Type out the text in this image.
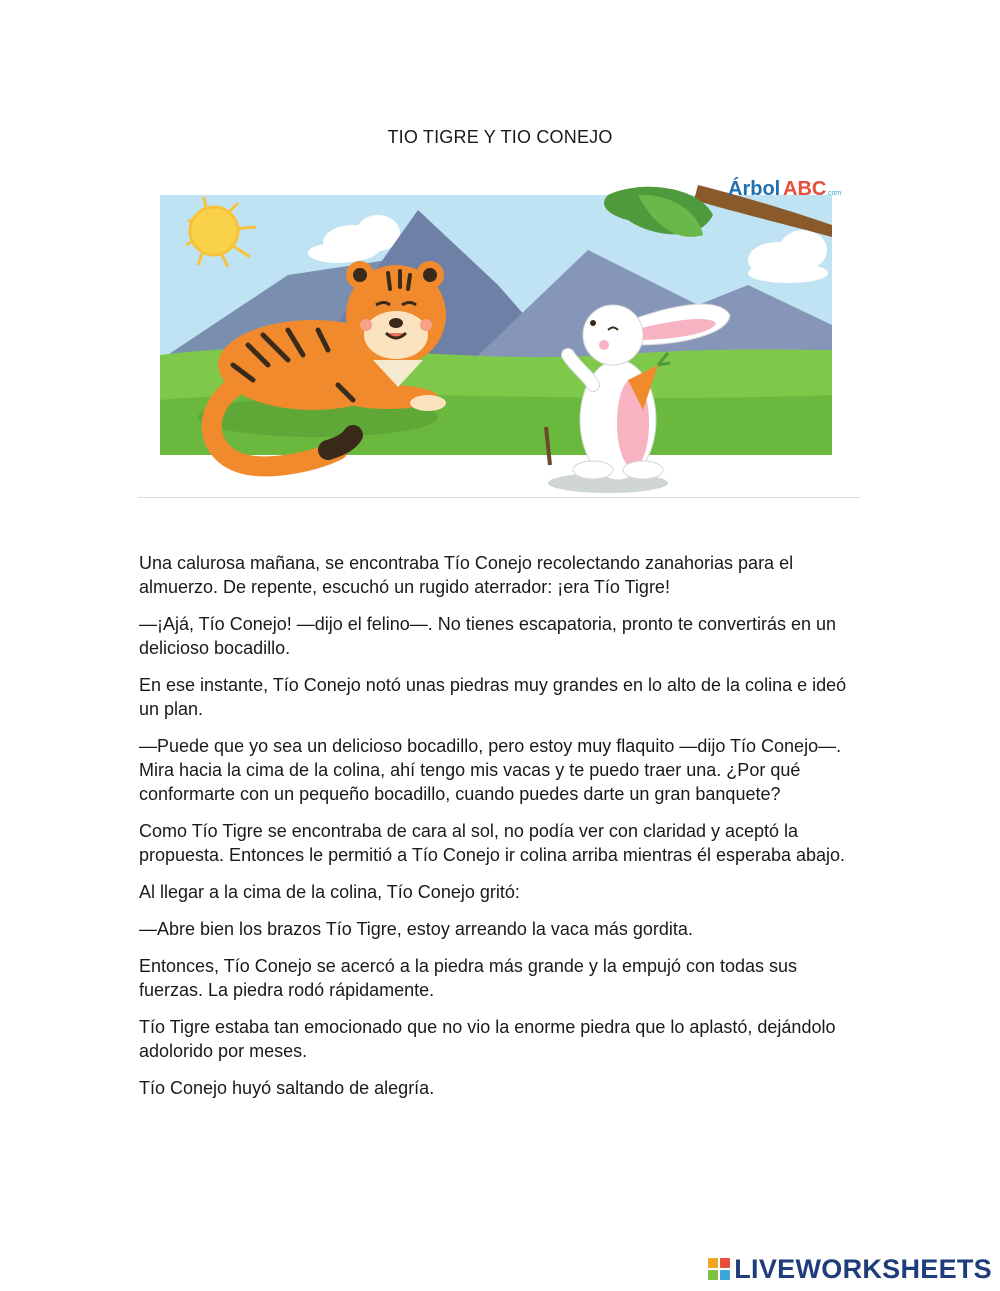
TIO TIGRE Y TIO CONEJO
Árbol ABC .com

Una calurosa mañana, se encontraba Tío Conejo recolectando zanahorias para el almuerzo. De repente, escuchó un rugido aterrador: ¡era Tío Tigre!

—¡Ajá, Tío Conejo! —dijo el felino—. No tienes escapatoria, pronto te convertirás en un delicioso bocadillo.

En ese instante, Tío Conejo notó unas piedras muy grandes en lo alto de la colina e ideó un plan.

—Puede que yo sea un delicioso bocadillo, pero estoy muy flaquito —dijo Tío Conejo—. Mira hacia la cima de la colina, ahí tengo mis vacas y te puedo traer una. ¿Por qué conformarte con un pequeño bocadillo, cuando puedes darte un gran banquete?

Como Tío Tigre se encontraba de cara al sol, no podía ver con claridad y aceptó la propuesta. Entonces le permitió a Tío Conejo ir colina arriba mientras él esperaba abajo.

Al llegar a la cima de la colina, Tío Conejo gritó:

—Abre bien los brazos Tío Tigre, estoy arreando la vaca más gordita.

Entonces, Tío Conejo se acercó a la piedra más grande y la empujó con todas sus fuerzas. La piedra rodó rápidamente.

Tío Tigre estaba tan emocionado que no vio la enorme piedra que lo aplastó, dejándolo adolorido por meses.

Tío Conejo huyó saltando de alegría.

LIVEWORKSHEETS
